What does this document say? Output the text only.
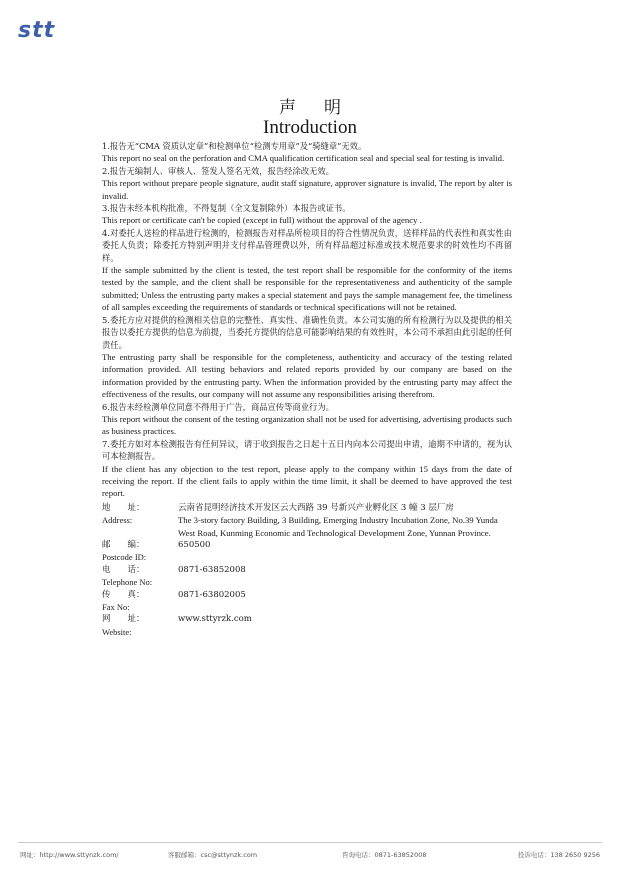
stt
声明
Introduction

1.报告无“CMA 资质认定章”和检测单位“检测专用章”及“骑缝章”无效。

This report no seal on the perforation and CMA qualification certification seal and special seal for testing is invalid.

2.报告无编制人、审核人、签发人签名无效，报告经涂改无效。

This report without prepare people signature, audit staff signature, approver signature is invalid, The report by alter is invalid.

3.报告未经本机构批准，不得复制（全文复制除外）本报告或证书。

This report or certificate can't be copied (except in full) without the approval of the agency .

4.对委托人送检的样品进行检测的，检测报告对样品所检项目的符合性情况负责，送样样品的代表性和真实性由委托人负责；除委托方特别声明并支付样品管理费以外，所有样品超过标准或技术规范要求的时效性均不再留样。

If the sample submitted by the client is tested, the test report shall be responsible for the conformity of the items tested by the sample, and the client shall be responsible for the representativeness and authenticity of the sample submitted; Unless the entrusting party makes a special statement and pays the sample management fee, the timeliness of all samples exceeding the requirements of standards or technical specifications will not be retained.

5.委托方应对提供的检测相关信息的完整性、真实性、准确性负责。本公司实施的所有检测行为以及提供的相关报告以委托方提供的信息为前提，当委托方提供的信息可能影响结果的有效性时，本公司不承担由此引起的任何责任。

The entrusting party shall be responsible for the completeness, authenticity and accuracy of the testing related information provided. All testing behaviors and related reports provided by our company are based on the information provided by the entrusting party. When the information provided by the entrusting party may affect the effectiveness of the results, our company will not assume any responsibilities arising therefrom.

6.报告未经检测单位同意不得用于广告，商品宣传等商业行为。

This report without the consent of the testing organization shall not be used for advertising, advertising products such as business practices.

7.委托方如对本检测报告有任何异议，请于收到报告之日起十五日内向本公司提出申请，逾期不申请的，视为认可本检测报告。

If the client has any objection to the test report, please apply to the company within 15 days from the date of receiving the report. If the client fails to apply within the time limit, it shall be deemed to have approved the test report.

地　　址：
Address:
云南省昆明经济技术开发区云大西路 39 号新兴产业孵化区 3 幢 3 层厂房
The 3-story factory Building, 3 Building, Emerging Industry Incubation Zone, No.39 Yunda West Road, Kunming Economic and Technological Development Zone, Yunnan Province.
邮　　编：
Postcode ID:
650500
电　　话：
Telephone No:
0871-63852008
传　　真：
Fax No:
0871-63802005
网　　址：
Website:
www.sttyrzk.com
网址：http://www.sttynzk.com/	客服邮箱：csc@sttynzk.com	咨询电话：0871-63852008	投诉电话：138 2650 9256
